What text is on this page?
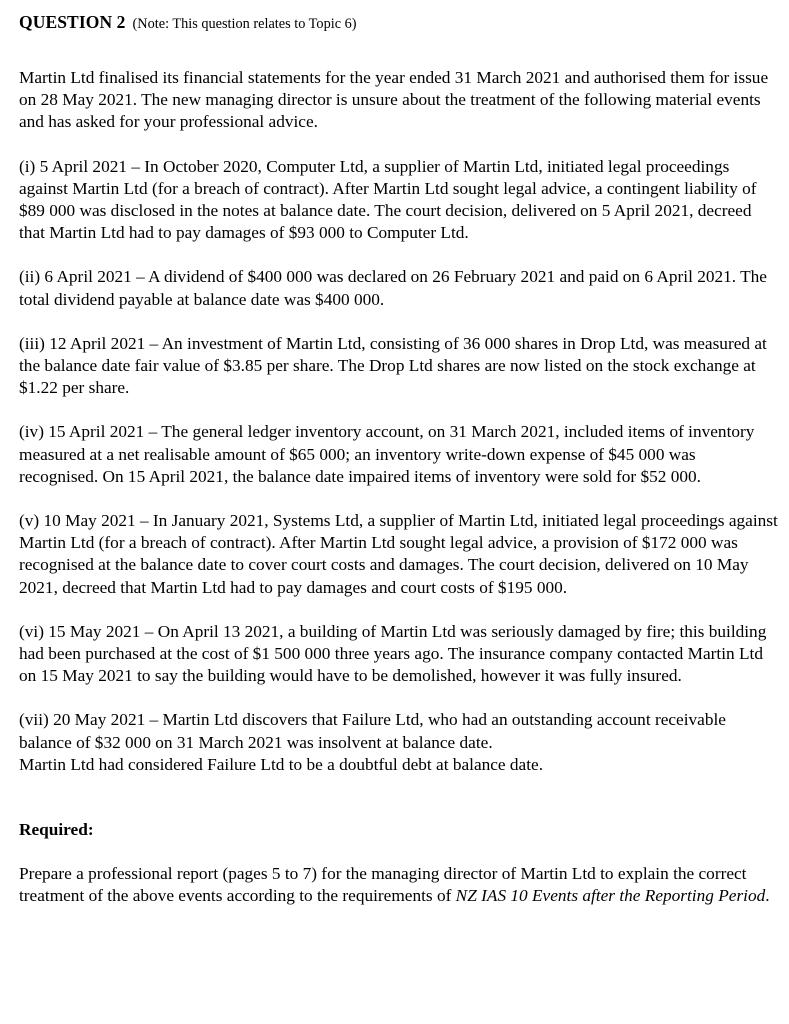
QUESTION 2 (Note: This question relates to Topic 6)

Martin Ltd finalised its financial statements for the year ended 31 March 2021 and authorised them for issue on 28 May 2021. The new managing director is unsure about the treatment of the following material events and has asked for your professional advice.

(i) 5 April 2021 – In October 2020, Computer Ltd, a supplier of Martin Ltd, initiated legal proceedings against Martin Ltd (for a breach of contract). After Martin Ltd sought legal advice, a contingent liability of $89 000 was disclosed in the notes at balance date. The court decision, delivered on 5 April 2021, decreed that Martin Ltd had to pay damages of $93 000 to Computer Ltd.

(ii) 6 April 2021 – A dividend of $400 000 was declared on 26 February 2021 and paid on 6 April 2021. The total dividend payable at balance date was $400 000.

(iii) 12 April 2021 – An investment of Martin Ltd, consisting of 36 000 shares in Drop Ltd, was measured at the balance date fair value of $3.85 per share. The Drop Ltd shares are now listed on the stock exchange at $1.22 per share.

(iv) 15 April 2021 – The general ledger inventory account, on 31 March 2021, included items of inventory measured at a net realisable amount of $65 000; an inventory write-down expense of $45 000 was recognised. On 15 April 2021, the balance date impaired items of inventory were sold for $52 000.

(v) 10 May 2021 – In January 2021, Systems Ltd, a supplier of Martin Ltd, initiated legal proceedings against Martin Ltd (for a breach of contract). After Martin Ltd sought legal advice, a provision of $172 000 was recognised at the balance date to cover court costs and damages. The court decision, delivered on 10 May 2021, decreed that Martin Ltd had to pay damages and court costs of $195 000.

(vi) 15 May 2021 – On April 13 2021, a building of Martin Ltd was seriously damaged by fire; this building had been purchased at the cost of $1 500 000 three years ago. The insurance company contacted Martin Ltd on 15 May 2021 to say the building would have to be demolished, however it was fully insured.

(vii) 20 May 2021 – Martin Ltd discovers that Failure Ltd, who had an outstanding account receivable balance of $32 000 on 31 March 2021 was insolvent at balance date.
Martin Ltd had considered Failure Ltd to be a doubtful debt at balance date.

Required:

Prepare a professional report (pages 5 to 7) for the managing director of Martin Ltd to explain the correct treatment of the above events according to the requirements of NZ IAS 10 Events after the Reporting Period.
